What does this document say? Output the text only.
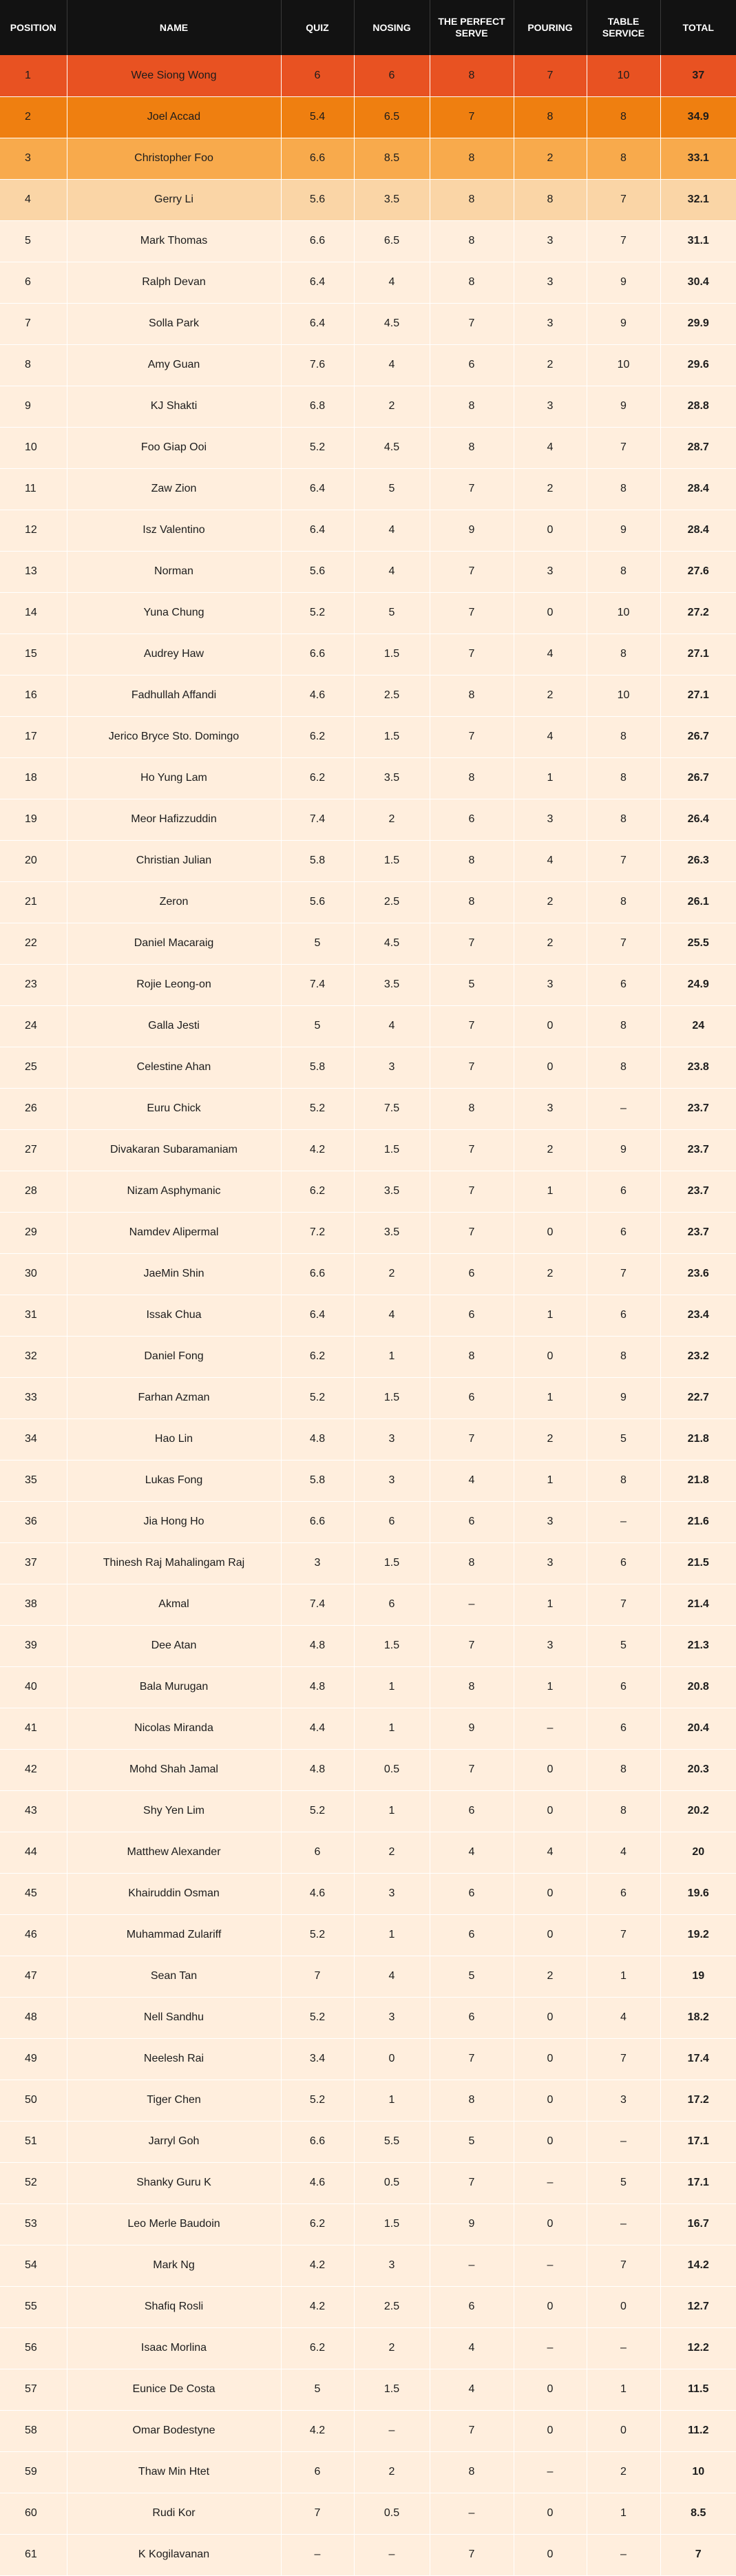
POSITION	NAME	QUIZ	NOSING	THE PERFECT SERVE	POURING	TABLE SERVICE	TOTAL
1	Wee Siong Wong	6	6	8	7	10	37
2	Joel Accad	5.4	6.5	7	8	8	34.9
3	Christopher Foo	6.6	8.5	8	2	8	33.1
4	Gerry Li	5.6	3.5	8	8	7	32.1
5	Mark Thomas	6.6	6.5	8	3	7	31.1
6	Ralph Devan	6.4	4	8	3	9	30.4
7	Solla Park	6.4	4.5	7	3	9	29.9
8	Amy Guan	7.6	4	6	2	10	29.6
9	KJ Shakti	6.8	2	8	3	9	28.8
10	Foo Giap Ooi	5.2	4.5	8	4	7	28.7
11	Zaw Zion	6.4	5	7	2	8	28.4
12	Isz Valentino	6.4	4	9	0	9	28.4
13	Norman	5.6	4	7	3	8	27.6
14	Yuna Chung	5.2	5	7	0	10	27.2
15	Audrey Haw	6.6	1.5	7	4	8	27.1
16	Fadhullah Affandi	4.6	2.5	8	2	10	27.1
17	Jerico Bryce Sto. Domingo	6.2	1.5	7	4	8	26.7
18	Ho Yung Lam	6.2	3.5	8	1	8	26.7
19	Meor Hafizzuddin	7.4	2	6	3	8	26.4
20	Christian Julian	5.8	1.5	8	4	7	26.3
21	Zeron	5.6	2.5	8	2	8	26.1
22	Daniel Macaraig	5	4.5	7	2	7	25.5
23	Rojie Leong-on	7.4	3.5	5	3	6	24.9
24	Galla Jesti	5	4	7	0	8	24
25	Celestine Ahan	5.8	3	7	0	8	23.8
26	Euru Chick	5.2	7.5	8	3	–	23.7
27	Divakaran Subaramaniam	4.2	1.5	7	2	9	23.7
28	Nizam Asphymanic	6.2	3.5	7	1	6	23.7
29	Namdev Alipermal	7.2	3.5	7	0	6	23.7
30	JaeMin Shin	6.6	2	6	2	7	23.6
31	Issak Chua	6.4	4	6	1	6	23.4
32	Daniel Fong	6.2	1	8	0	8	23.2
33	Farhan Azman	5.2	1.5	6	1	9	22.7
34	Hao Lin	4.8	3	7	2	5	21.8
35	Lukas Fong	5.8	3	4	1	8	21.8
36	Jia Hong Ho	6.6	6	6	3	–	21.6
37	Thinesh Raj Mahalingam Raj	3	1.5	8	3	6	21.5
38	Akmal	7.4	6	–	1	7	21.4
39	Dee Atan	4.8	1.5	7	3	5	21.3
40	Bala Murugan	4.8	1	8	1	6	20.8
41	Nicolas Miranda	4.4	1	9	–	6	20.4
42	Mohd Shah Jamal	4.8	0.5	7	0	8	20.3
43	Shy Yen Lim	5.2	1	6	0	8	20.2
44	Matthew Alexander	6	2	4	4	4	20
45	Khairuddin Osman	4.6	3	6	0	6	19.6
46	Muhammad Zulariff	5.2	1	6	0	7	19.2
47	Sean Tan	7	4	5	2	1	19
48	Nell Sandhu	5.2	3	6	0	4	18.2
49	Neelesh Rai	3.4	0	7	0	7	17.4
50	Tiger Chen	5.2	1	8	0	3	17.2
51	Jarryl Goh	6.6	5.5	5	0	–	17.1
52	Shanky Guru K	4.6	0.5	7	–	5	17.1
53	Leo Merle Baudoin	6.2	1.5	9	0	–	16.7
54	Mark Ng	4.2	3	–	–	7	14.2
55	Shafiq Rosli	4.2	2.5	6	0	0	12.7
56	Isaac Morlina	6.2	2	4	–	–	12.2
57	Eunice De Costa	5	1.5	4	0	1	11.5
58	Omar Bodestyne	4.2	–	7	0	0	11.2
59	Thaw Min Htet	6	2	8	–	2	10
60	Rudi Kor	7	0.5	–	0	1	8.5
61	K Kogilavanan	–	–	7	0	–	7
